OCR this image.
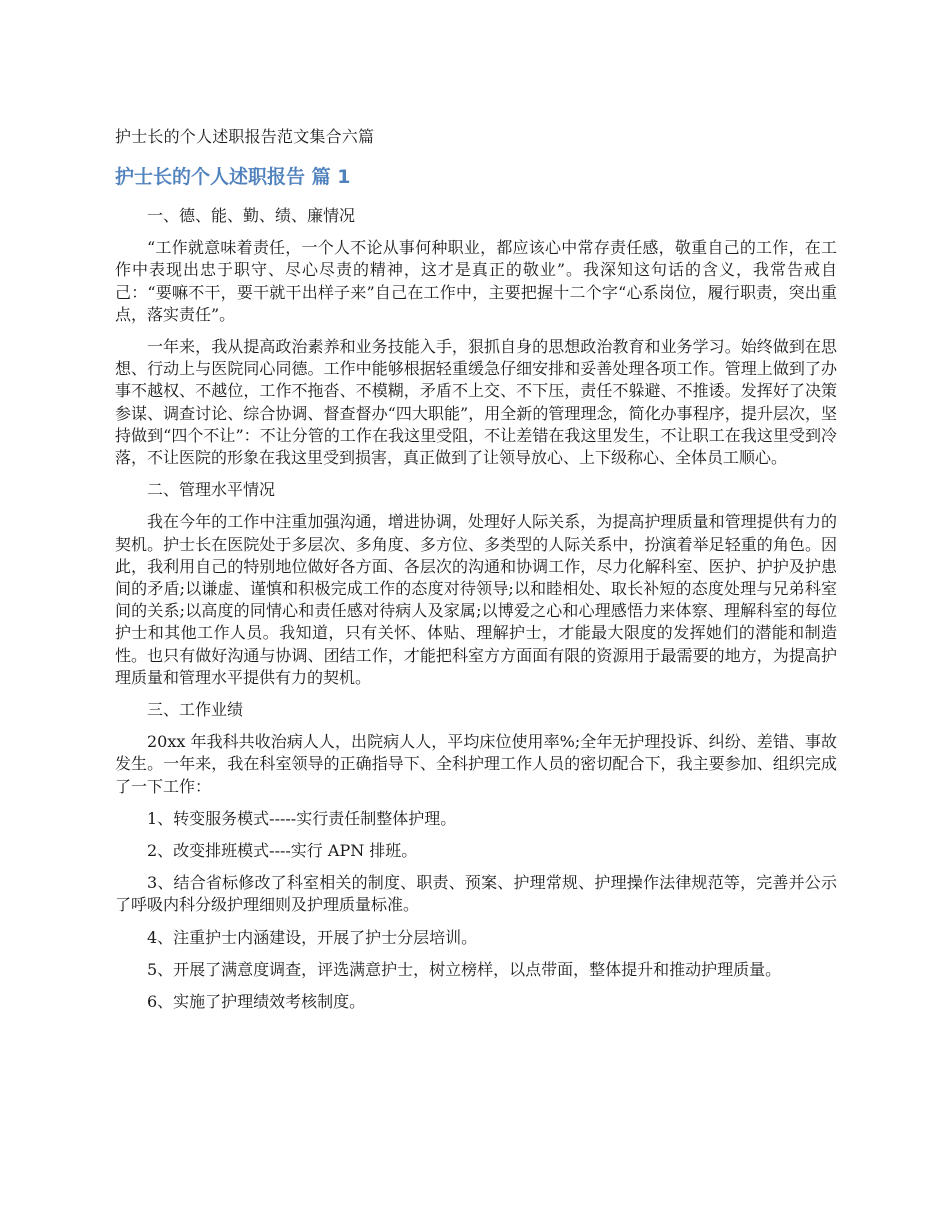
护士长的个人述职报告范文集合六篇
护士长的个人述职报告 篇 1

一、德、能、勤、绩、廉情况

“工作就意味着责任，一个人不论从事何种职业，都应该心中常存责任感，敬重自己的工作，在工作中表现出忠于职守、尽心尽责的精神，这才是真正的敬业”。我深知这句话的含义，我常告戒自己：“要嘛不干，要干就干出样子来”自己在工作中，主要把握十二个字“心系岗位，履行职责，突出重点，落实责任”。

一年来，我从提高政治素养和业务技能入手，狠抓自身的思想政治教育和业务学习。始终做到在思想、行动上与医院同心同德。工作中能够根据轻重缓急仔细安排和妥善处理各项工作。管理上做到了办事不越权、不越位，工作不拖沓、不模糊，矛盾不上交、不下压，责任不躲避、不推诿。发挥好了决策参谋、调查讨论、综合协调、督查督办“四大职能”，用全新的管理理念，简化办事程序，提升层次，坚持做到“四个不让”：不让分管的工作在我这里受阻，不让差错在我这里发生，不让职工在我这里受到冷落，不让医院的形象在我这里受到损害，真正做到了让领导放心、上下级称心、全体员工顺心。

二、管理水平情况

我在今年的工作中注重加强沟通，增进协调，处理好人际关系，为提高护理质量和管理提供有力的契机。护士长在医院处于多层次、多角度、多方位、多类型的人际关系中，扮演着举足轻重的角色。因此，我利用自己的特别地位做好各方面、各层次的沟通和协调工作，尽力化解科室、医护、护护及护患间的矛盾;以谦虚、谨慎和积极完成工作的态度对待领导;以和睦相处、取长补短的态度处理与兄弟科室间的关系;以高度的同情心和责任感对待病人及家属;以博爱之心和心理感悟力来体察、理解科室的每位护士和其他工作人员。我知道，只有关怀、体贴、理解护士，才能最大限度的发挥她们的潜能和制造性。也只有做好沟通与协调、团结工作，才能把科室方方面面有限的资源用于最需要的地方，为提高护理质量和管理水平提供有力的契机。

三、工作业绩

20xx 年我科共收治病人人，出院病人人，平均床位使用率%;全年无护理投诉、纠纷、差错、事故发生。一年来，我在科室领导的正确指导下、全科护理工作人员的密切配合下，我主要参加、组织完成了一下工作：

1、转变服务模式-----实行责任制整体护理。

2、改变排班模式----实行 APN 排班。

3、结合省标修改了科室相关的制度、职责、预案、护理常规、护理操作法律规范等，完善并公示了呼吸内科分级护理细则及护理质量标准。

4、注重护士内涵建设，开展了护士分层培训。

5、开展了满意度调查，评选满意护士，树立榜样，以点带面，整体提升和推动护理质量。

6、实施了护理绩效考核制度。
